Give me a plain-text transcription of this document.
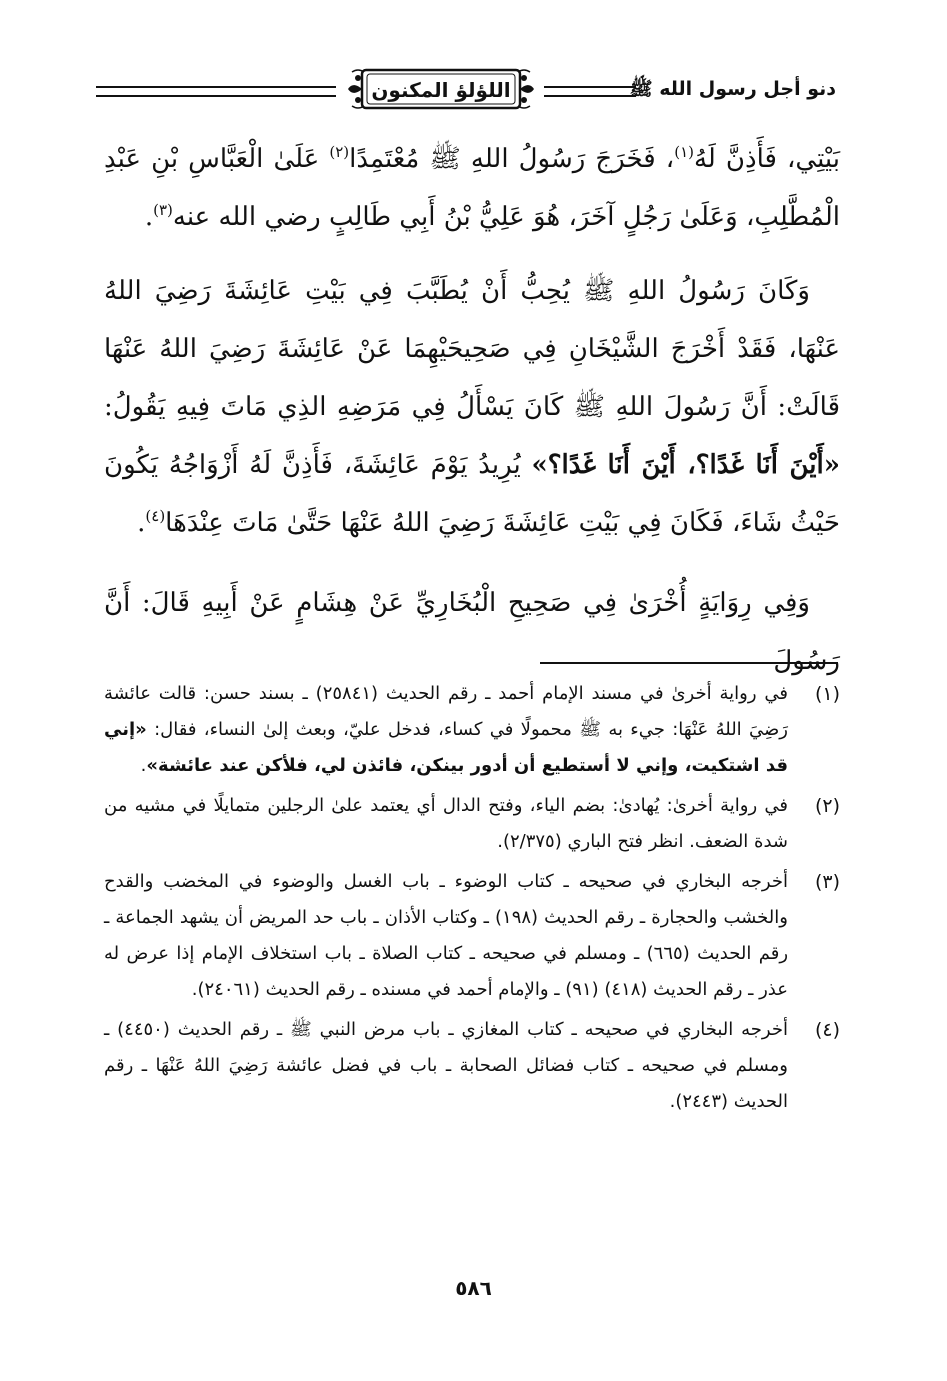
اللؤلؤ المكنون	دنو أجل رسول الله ﷺ

بَيْتِي، فَأَذِنَّ لَهُ$^{(١)}$، فَخَرَجَ رَسُولُ اللهِ ﷺ مُعْتَمِدًا$^{(٢)}$ عَلَىٰ الْعَبَّاسِ بْنِ عَبْدِ الْمُطَّلِبِ، وَعَلَىٰ رَجُلٍ آخَرَ، هُوَ عَلِيُّ بْنُ أَبِي طَالِبٍ رضي الله عنه$^{(٣)}$.

وَكَانَ رَسُولُ اللهِ ﷺ يُحِبُّ أَنْ يُطَبَّبَ فِي بَيْتِ عَائِشَةَ رَضِيَ اللهُ عَنْهَا، فَقَدْ أَخْرَجَ الشَّيْخَانِ فِي صَحِيحَيْهِمَا عَنْ عَائِشَةَ رَضِيَ اللهُ عَنْهَا قَالَتْ: أَنَّ رَسُولَ اللهِ ﷺ كَانَ يَسْأَلُ فِي مَرَضِهِ الذِي مَاتَ فِيهِ يَقُولُ: «أَيْنَ أَنَا غَدًا؟، أَيْنَ أَنَا غَدًا؟» يُرِيدُ يَوْمَ عَائِشَةَ، فَأَذِنَّ لَهُ أَزْوَاجُهُ يَكُونَ حَيْثُ شَاءَ، فَكَانَ فِي بَيْتِ عَائِشَةَ رَضِيَ اللهُ عَنْهَا حَتَّىٰ مَاتَ عِنْدَهَا$^{(٤)}$.

وَفِي رِوَايَةٍ أُخْرَىٰ فِي صَحِيحِ الْبُخَارِيِّ عَنْ هِشَامٍ عَنْ أَبِيهِ قَالَ: أَنَّ رَسُولَ

(١)
في رواية أخرىٰ في مسند الإمام أحمد ـ رقم الحديث (٢٥٨٤١) ـ بسند حسن: قالت عائشة رَضِيَ اللهُ عَنْهَا: جيء به ﷺ محمولًا في كساء، فدخل عليّ، وبعث إلىٰ النساء، فقال: «إني قد اشتكيت، وإني لا أستطيع أن أدور بينكن، فائذن لي، فلأكن عند عائشة».
(٢)
في رواية أخرىٰ: يُهادىٰ: بضم الياء، وفتح الدال أي يعتمد علىٰ الرجلين متمايلًا في مشيه من شدة الضعف. انظر فتح الباري (٢/٣٧٥).
(٣)
أخرجه البخاري في صحيحه ـ كتاب الوضوء ـ باب الغسل والوضوء في المخضب والقدح والخشب والحجارة ـ رقم الحديث (١٩٨) ـ وكتاب الأذان ـ باب حد المريض أن يشهد الجماعة ـ رقم الحديث (٦٦٥) ـ ومسلم في صحيحه ـ كتاب الصلاة ـ باب استخلاف الإمام إذا عرض له عذر ـ رقم الحديث (٤١٨) (٩١) ـ والإمام أحمد في مسنده ـ رقم الحديث (٢٤٠٦١).
(٤)
أخرجه البخاري في صحيحه ـ كتاب المغازي ـ باب مرض النبي ﷺ ـ رقم الحديث (٤٤٥٠) ـ ومسلم في صحيحه ـ كتاب فضائل الصحابة ـ باب في فضل عائشة رَضِيَ اللهُ عَنْهَا ـ رقم الحديث (٢٤٤٣).
٥٨٦
